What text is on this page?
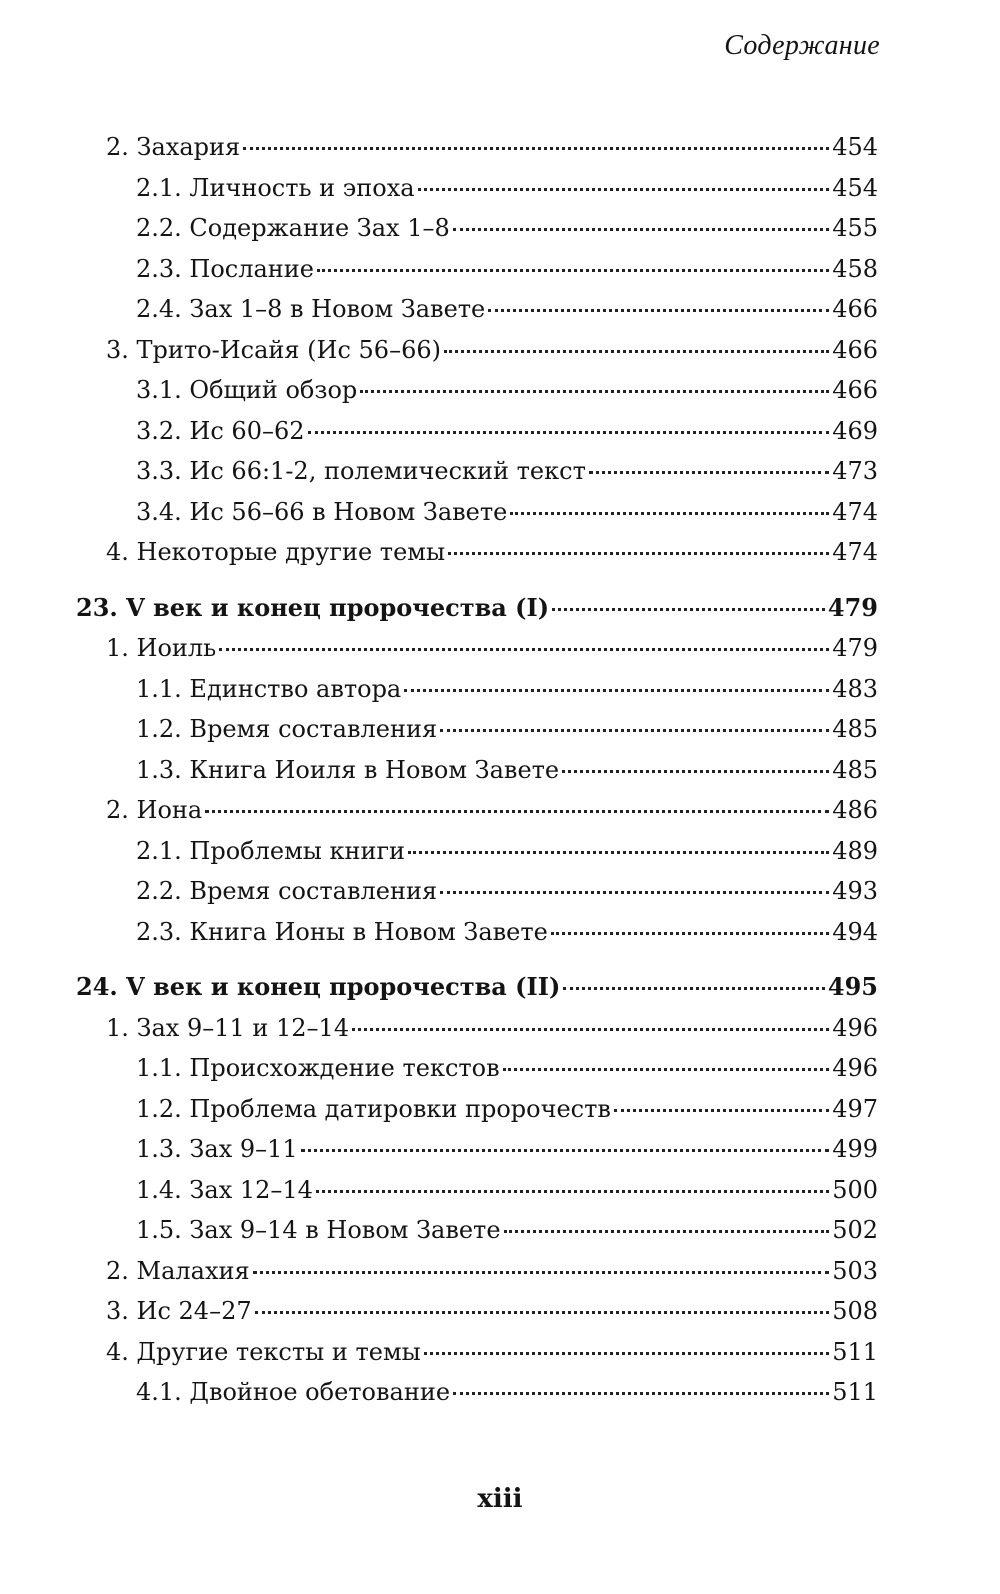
Содержание
2. Захария	454
2.1. Личность и эпоха	454
2.2. Содержание Зах 1–8	455
2.3. Послание	458
2.4. Зах 1–8 в Новом Завете	466
3. Трито-Исайя (Ис 56–66)	466
3.1. Общий обзор	466
3.2. Ис 60–62	469
3.3. Ис 66:1-2, полемический текст	473
3.4. Ис 56–66 в Новом Завете	474
4. Некоторые другие темы	474
23. V век и конец пророчества (I)	479
1. Иоиль	479
1.1. Единство автора	483
1.2. Время составления	485
1.3. Книга Иоиля в Новом Завете	485
2. Иона	486
2.1. Проблемы книги	489
2.2. Время составления	493
2.3. Книга Ионы в Новом Завете	494
24. V век и конец пророчества (II)	495
1. Зах 9–11 и 12–14	496
1.1. Происхождение текстов	496
1.2. Проблема датировки пророчеств	497
1.3. Зах 9–11	499
1.4. Зах 12–14	500
1.5. Зах 9–14 в Новом Завете	502
2. Малахия	503
3. Ис 24–27	508
4. Другие тексты и темы	511
4.1. Двойное обетование	511
xiii
